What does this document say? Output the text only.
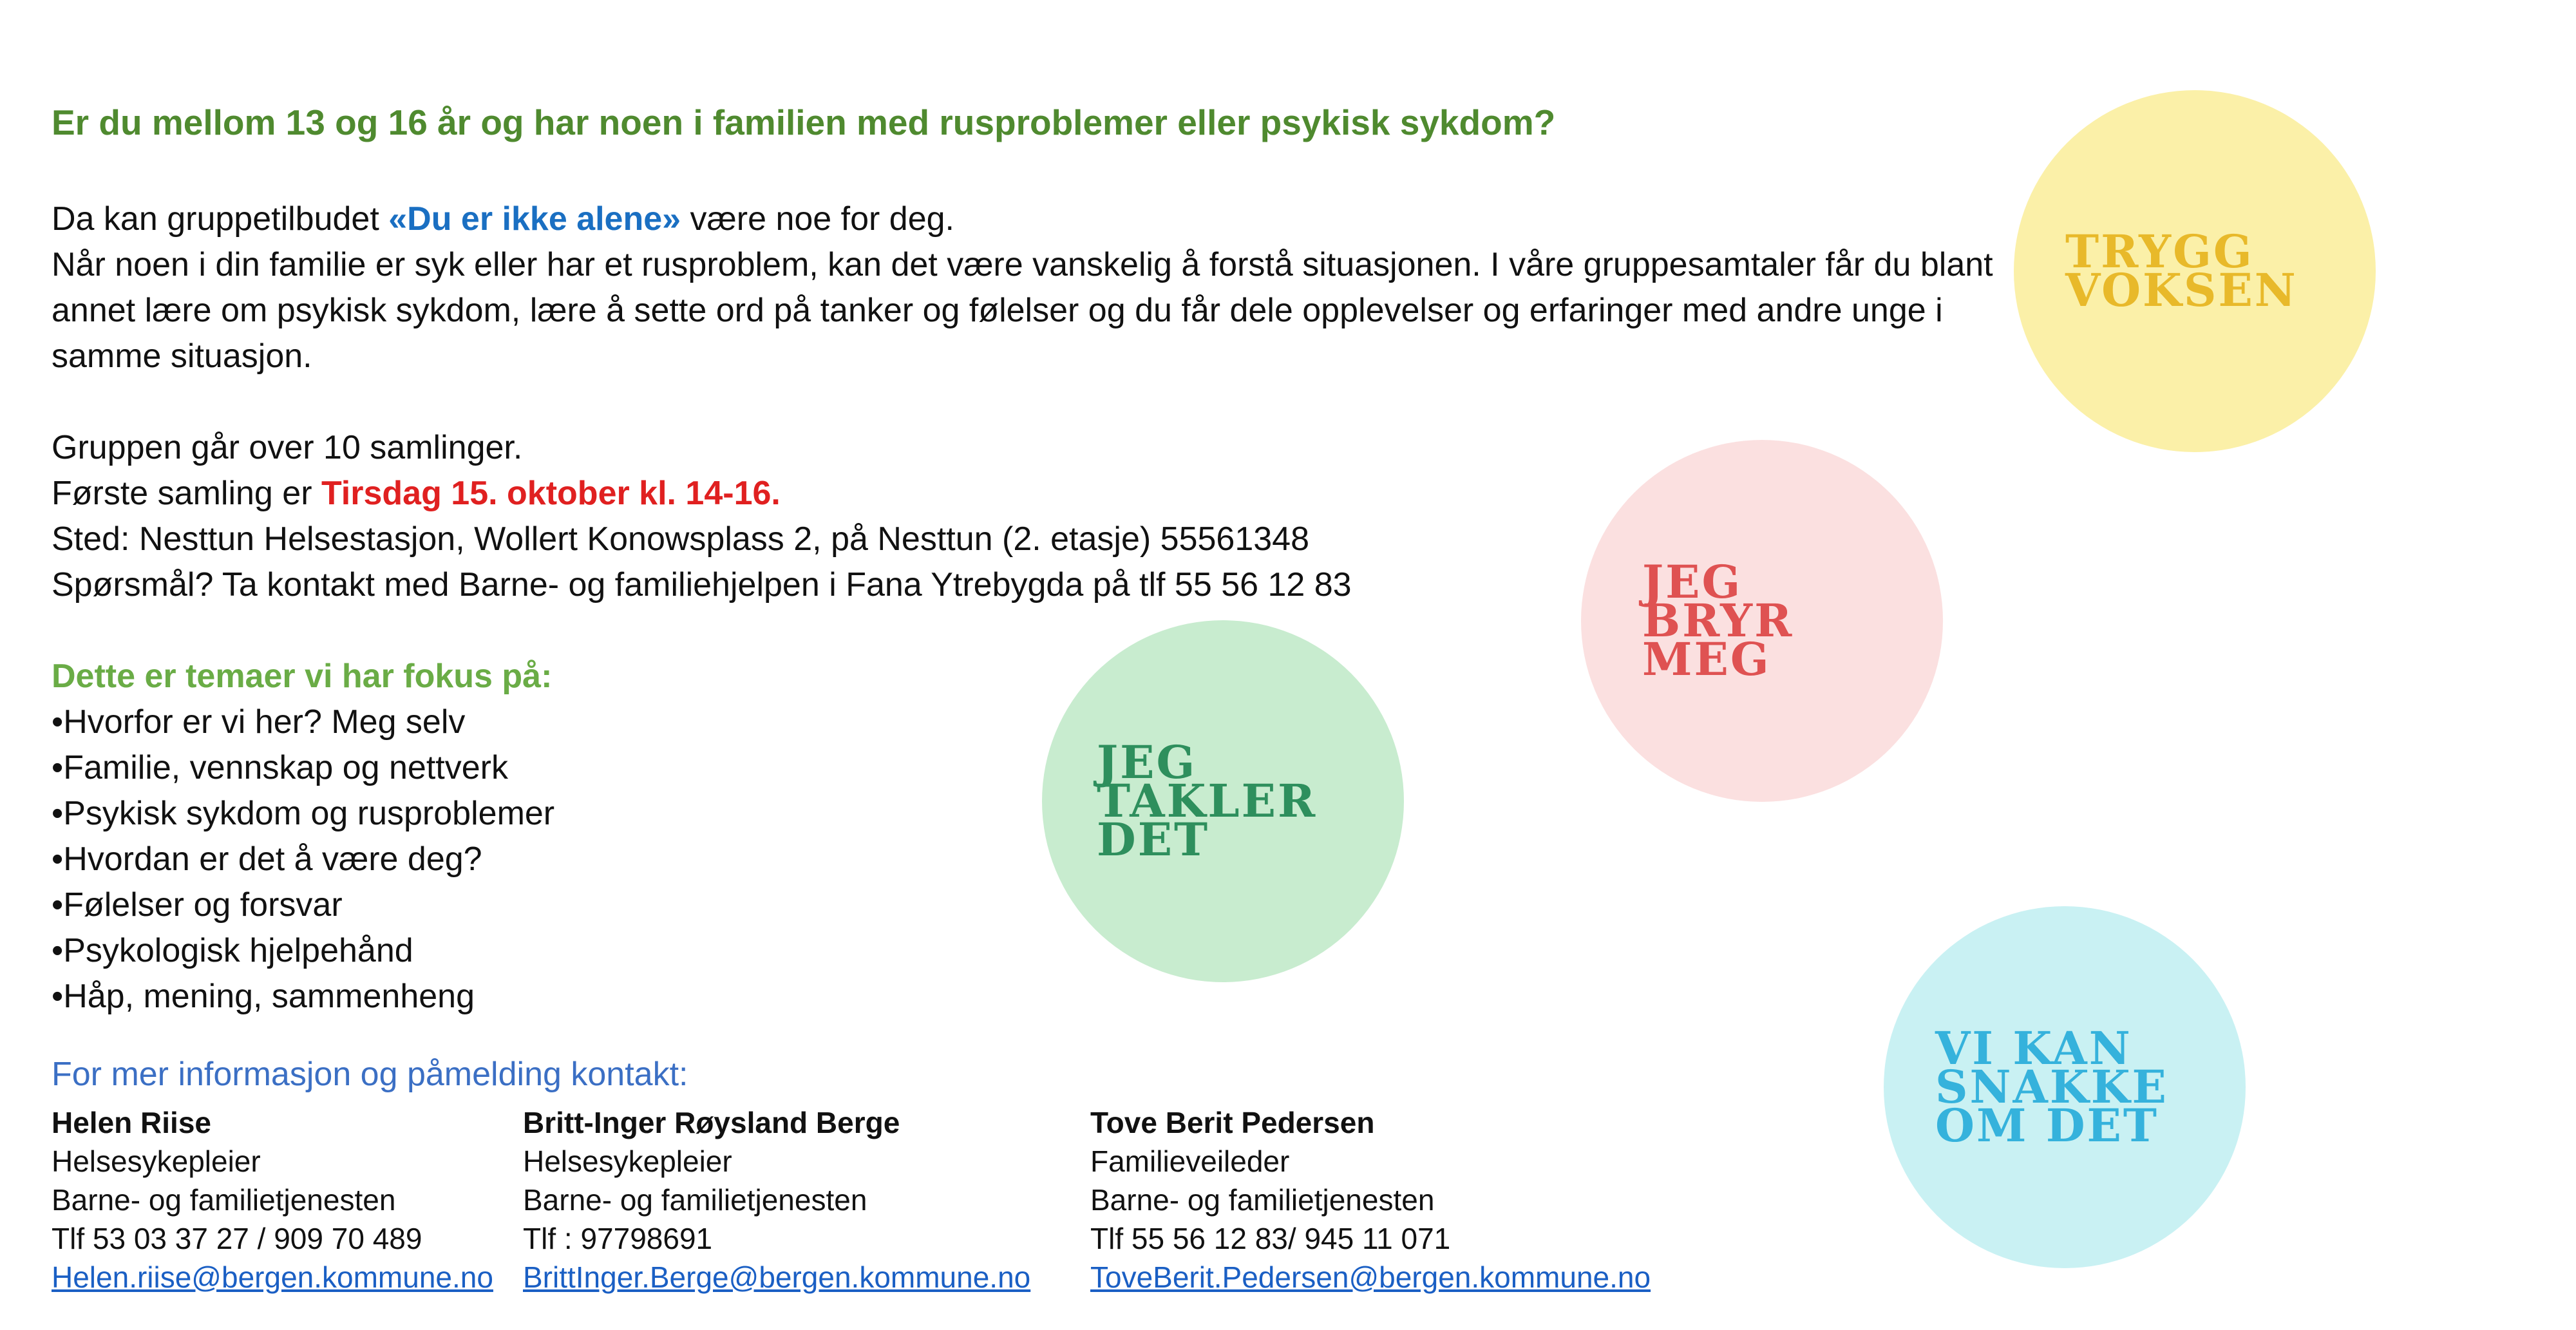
Er du mellom 13 og 16 år og har noen i familien med rusproblemer eller psykisk sykdom?

Da kan gruppetilbudet «Du er ikke alene» være noe for deg.

Når noen i din familie er syk eller har et rusproblem, kan det være vanskelig å forstå situasjonen. I våre gruppesamtaler får du blant annet lære om psykisk sykdom, lære å sette ord på tanker og følelser og du får dele opplevelser og erfaringer med andre unge i samme situasjon.

Gruppen går over 10 samlinger.

Første samling er Tirsdag 15. oktober kl. 14-16.

Sted: Nesttun Helsestasjon, Wollert Konowsplass 2, på Nesttun (2. etasje) 55561348

Spørsmål? Ta kontakt med Barne- og familiehjelpen i Fana Ytrebygda på tlf 55 56 12 83

Dette er temaer vi har fokus på:

•Hvorfor er vi her? Meg selv
•Familie, vennskap og nettverk
•Psykisk sykdom og rusproblemer
•Hvordan er det å være deg?
•Følelser og forsvar
•Psykologisk hjelpehånd
•Håp, mening, sammenheng
For mer informasjon og påmelding kontakt:
Helen Riise
Helsesykepleier
Barne- og familietjenesten
Tlf 53 03 37 27 / 909 70 489
Helen.riise@bergen.kommune.no
Britt-Inger Røysland Berge
Helsesykepleier
Barne- og familietjenesten
Tlf : 97798691
BrittInger.Berge@bergen.kommune.no
Tove Berit Pedersen
Familieveileder
Barne- og familietjenesten
Tlf 55 56 12 83/ 945 11 071
ToveBerit.Pedersen@bergen.kommune.no
TRYGG
VOKSEN
JEG
BRYR
MEG
JEG
TAKLER
DET
VI KAN
SNAKKE
OM DET
